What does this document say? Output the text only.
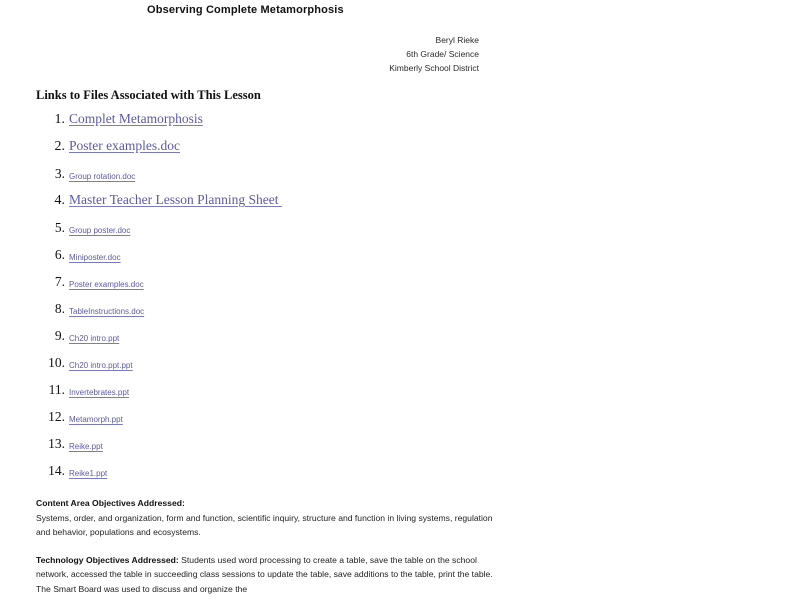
Observing Complete Metamorphosis
Beryl Rieke
6th Grade/ Science
Kimberly School District
Links to Files Associated with This Lesson
1. Complet Metamorphosis
2. Poster examples.doc
3. Group rotation.doc
4. Master Teacher Lesson Planning Sheet
5. Group poster.doc
6. Miniposter.doc
7. Poster examples.doc
8. TableInstructions.doc
9. Ch20 intro.ppt
10. Ch20 intro.ppt.ppt
11. Invertebrates.ppt
12. Metamorph.ppt
13. Reike.ppt
14. Reike1.ppt
Content Area Objectives Addressed:
Systems, order, and organization, form and function, scientific inquiry, structure and function in living systems, regulation and behavior, populations and ecosystems.
Technology Objectives Addressed: Students used word processing to create a table, save the table on the school network, accessed the table in succeeding class sessions to update the table, save additions to the table, print the table. The Smart Board was used to discuss and organize the
